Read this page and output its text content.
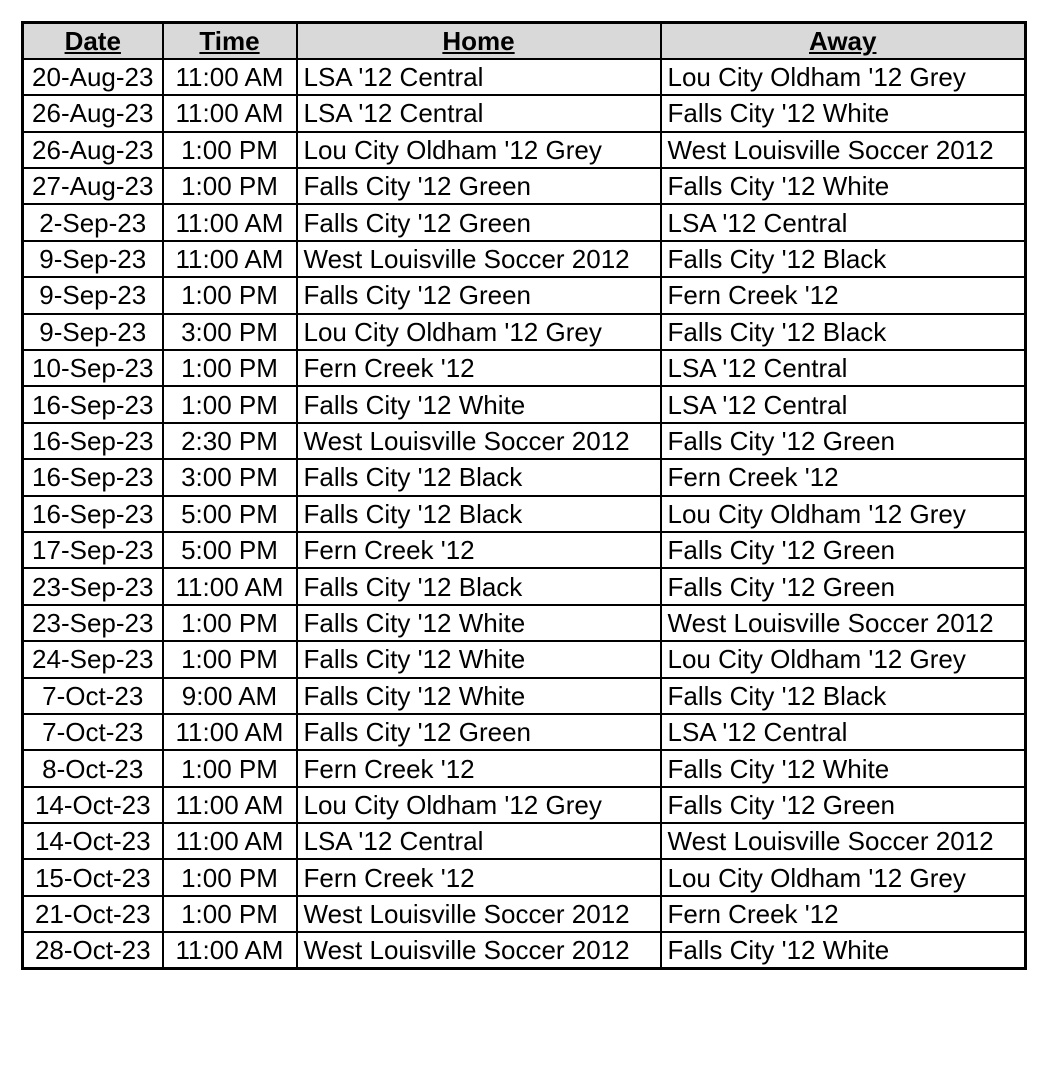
Date	Time	Home	Away
20-Aug-23	11:00 AM	LSA '12 Central	Lou City Oldham '12 Grey
26-Aug-23	11:00 AM	LSA '12 Central	Falls City '12 White
26-Aug-23	1:00 PM	Lou City Oldham '12 Grey	West Louisville Soccer 2012
27-Aug-23	1:00 PM	Falls City '12 Green	Falls City '12 White
2-Sep-23	11:00 AM	Falls City '12 Green	LSA '12 Central
9-Sep-23	11:00 AM	West Louisville Soccer 2012	Falls City '12 Black
9-Sep-23	1:00 PM	Falls City '12 Green	Fern Creek '12
9-Sep-23	3:00 PM	Lou City Oldham '12 Grey	Falls City '12 Black
10-Sep-23	1:00 PM	Fern Creek '12	LSA '12 Central
16-Sep-23	1:00 PM	Falls City '12 White	LSA '12 Central
16-Sep-23	2:30 PM	West Louisville Soccer 2012	Falls City '12 Green
16-Sep-23	3:00 PM	Falls City '12 Black	Fern Creek '12
16-Sep-23	5:00 PM	Falls City '12 Black	Lou City Oldham '12 Grey
17-Sep-23	5:00 PM	Fern Creek '12	Falls City '12 Green
23-Sep-23	11:00 AM	Falls City '12 Black	Falls City '12 Green
23-Sep-23	1:00 PM	Falls City '12 White	West Louisville Soccer 2012
24-Sep-23	1:00 PM	Falls City '12 White	Lou City Oldham '12 Grey
7-Oct-23	9:00 AM	Falls City '12 White	Falls City '12 Black
7-Oct-23	11:00 AM	Falls City '12 Green	LSA '12 Central
8-Oct-23	1:00 PM	Fern Creek '12	Falls City '12 White
14-Oct-23	11:00 AM	Lou City Oldham '12 Grey	Falls City '12 Green
14-Oct-23	11:00 AM	LSA '12 Central	West Louisville Soccer 2012
15-Oct-23	1:00 PM	Fern Creek '12	Lou City Oldham '12 Grey
21-Oct-23	1:00 PM	West Louisville Soccer 2012	Fern Creek '12
28-Oct-23	11:00 AM	West Louisville Soccer 2012	Falls City '12 White
